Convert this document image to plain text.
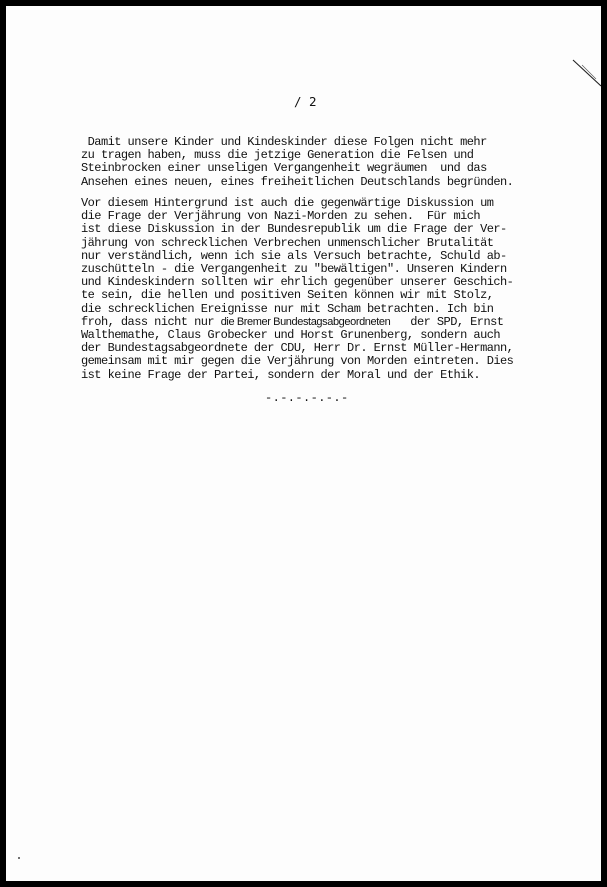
/ 2
Damit unsere Kinder und Kindeskinder diese Folgen nicht mehr
zu tragen haben, muss die jetzige Generation die Felsen und
Steinbrocken einer unseligen Vergangenheit wegräumen  und das
Ansehen eines neuen, eines freiheitlichen Deutschlands begründen.
Vor diesem Hintergrund ist auch die gegenwärtige Diskussion um
die Frage der Verjährung von Nazi-Morden zu sehen.  Für mich
ist diese Diskussion in der Bundesrepublik um die Frage der Ver-
jährung von schrecklichen Verbrechen unmenschlicher Brutalität
nur verständlich, wenn ich sie als Versuch betrachte, Schuld ab-
zuschütteln - die Vergangenheit zu "bewältigen". Unseren Kindern
und Kindeskindern sollten wir ehrlich gegenüber unserer Geschich-
te sein, die hellen und positiven Seiten können wir mit Stolz,
die schrecklichen Ereignisse nur mit Scham betrachten. Ich bin
froh, dass nicht nur die Bremer Bundestagsabgeordneten   der SPD, Ernst
Walthemathe, Claus Grobecker und Horst Grunenberg, sondern auch
der Bundestagsabgeordnete der CDU, Herr Dr. Ernst Müller-Hermann,
gemeinsam mit mir gegen die Verjährung von Morden eintreten. Dies
ist keine Frage der Partei, sondern der Moral und der Ethik.
-.-.-.-.-.-
